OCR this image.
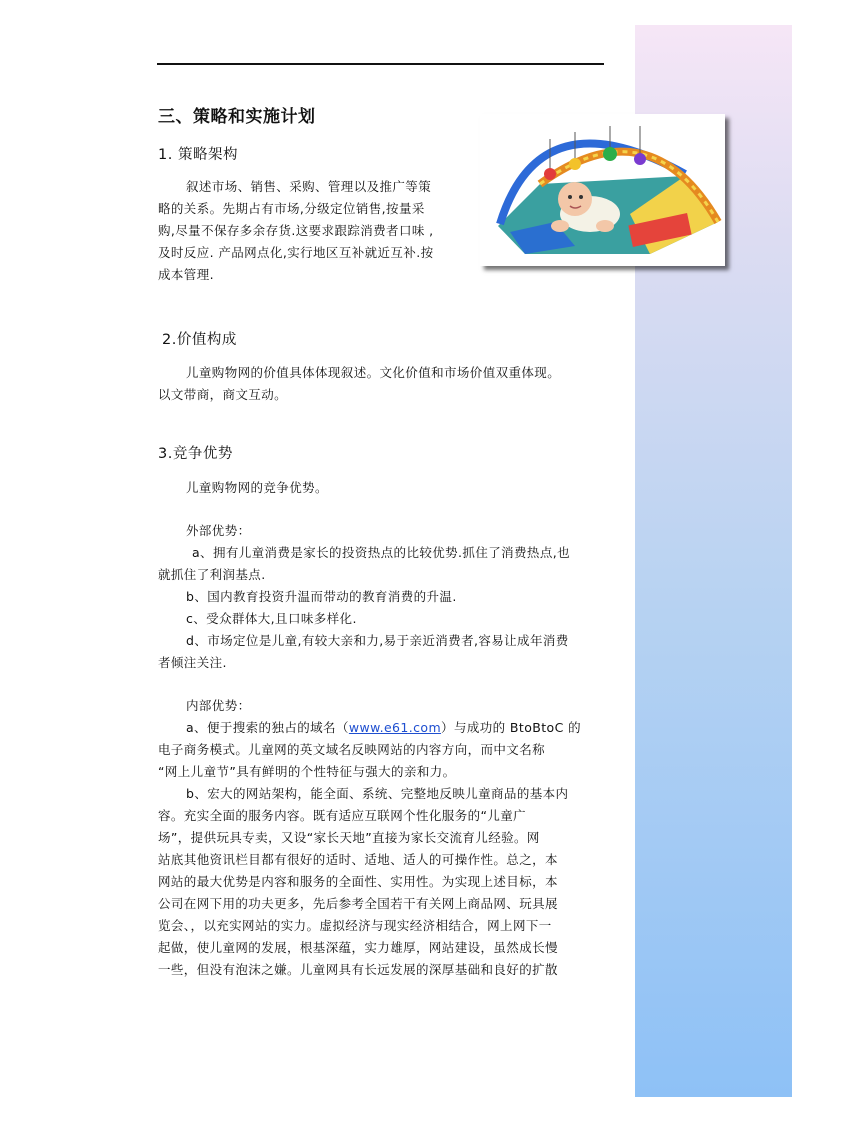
三、策略和实施计划
1. 策略架构
叙述市场、销售、采购、管理以及推广等策
略的关系。先期占有市场,分级定位销售,按量采
购,尽量不保存多余存货.这要求跟踪消费者口味 ,
及时反应. 产品网点化,实行地区互补就近互补.按
成本管理.
2.价值构成
儿童购物网的价值具体体现叙述。文化价值和市场价值双重体现。
以文带商，商文互动。
3.竞争优势
儿童购物网的竞争优势。
外部优势：
a、拥有儿童消费是家长的投资热点的比较优势.抓住了消费热点,也
就抓住了利润基点.
b、国内教育投资升温而带动的教育消费的升温.
c、受众群体大,且口味多样化.
d、市场定位是儿童,有较大亲和力,易于亲近消费者,容易让成年消费
者倾注关注.
内部优势：
a、便于搜索的独占的域名（www.e61.com）与成功的 BtoBtoC 的
电子商务模式。儿童网的英文域名反映网站的内容方向，而中文名称
“网上儿童节”具有鲜明的个性特征与强大的亲和力。
b、宏大的网站架构，能全面、系统、完整地反映儿童商品的基本内
容。充实全面的服务内容。既有适应互联网个性化服务的“儿童广
场”，提供玩具专卖，又设“家长天地”直接为家长交流育儿经验。网
站底其他资讯栏目都有很好的适时、适地、适人的可操作性。总之，本
网站的最大优势是内容和服务的全面性、实用性。为实现上述目标，本
公司在网下用的功夫更多，先后参考全国若干有关网上商品网、玩具展
览会、，以充实网站的实力。虚拟经济与现实经济相结合，网上网下一
起做，使儿童网的发展，根基深蕴，实力雄厚，网站建设，虽然成长慢
一些，但没有泡沫之嫌。儿童网具有长远发展的深厚基础和良好的扩散
